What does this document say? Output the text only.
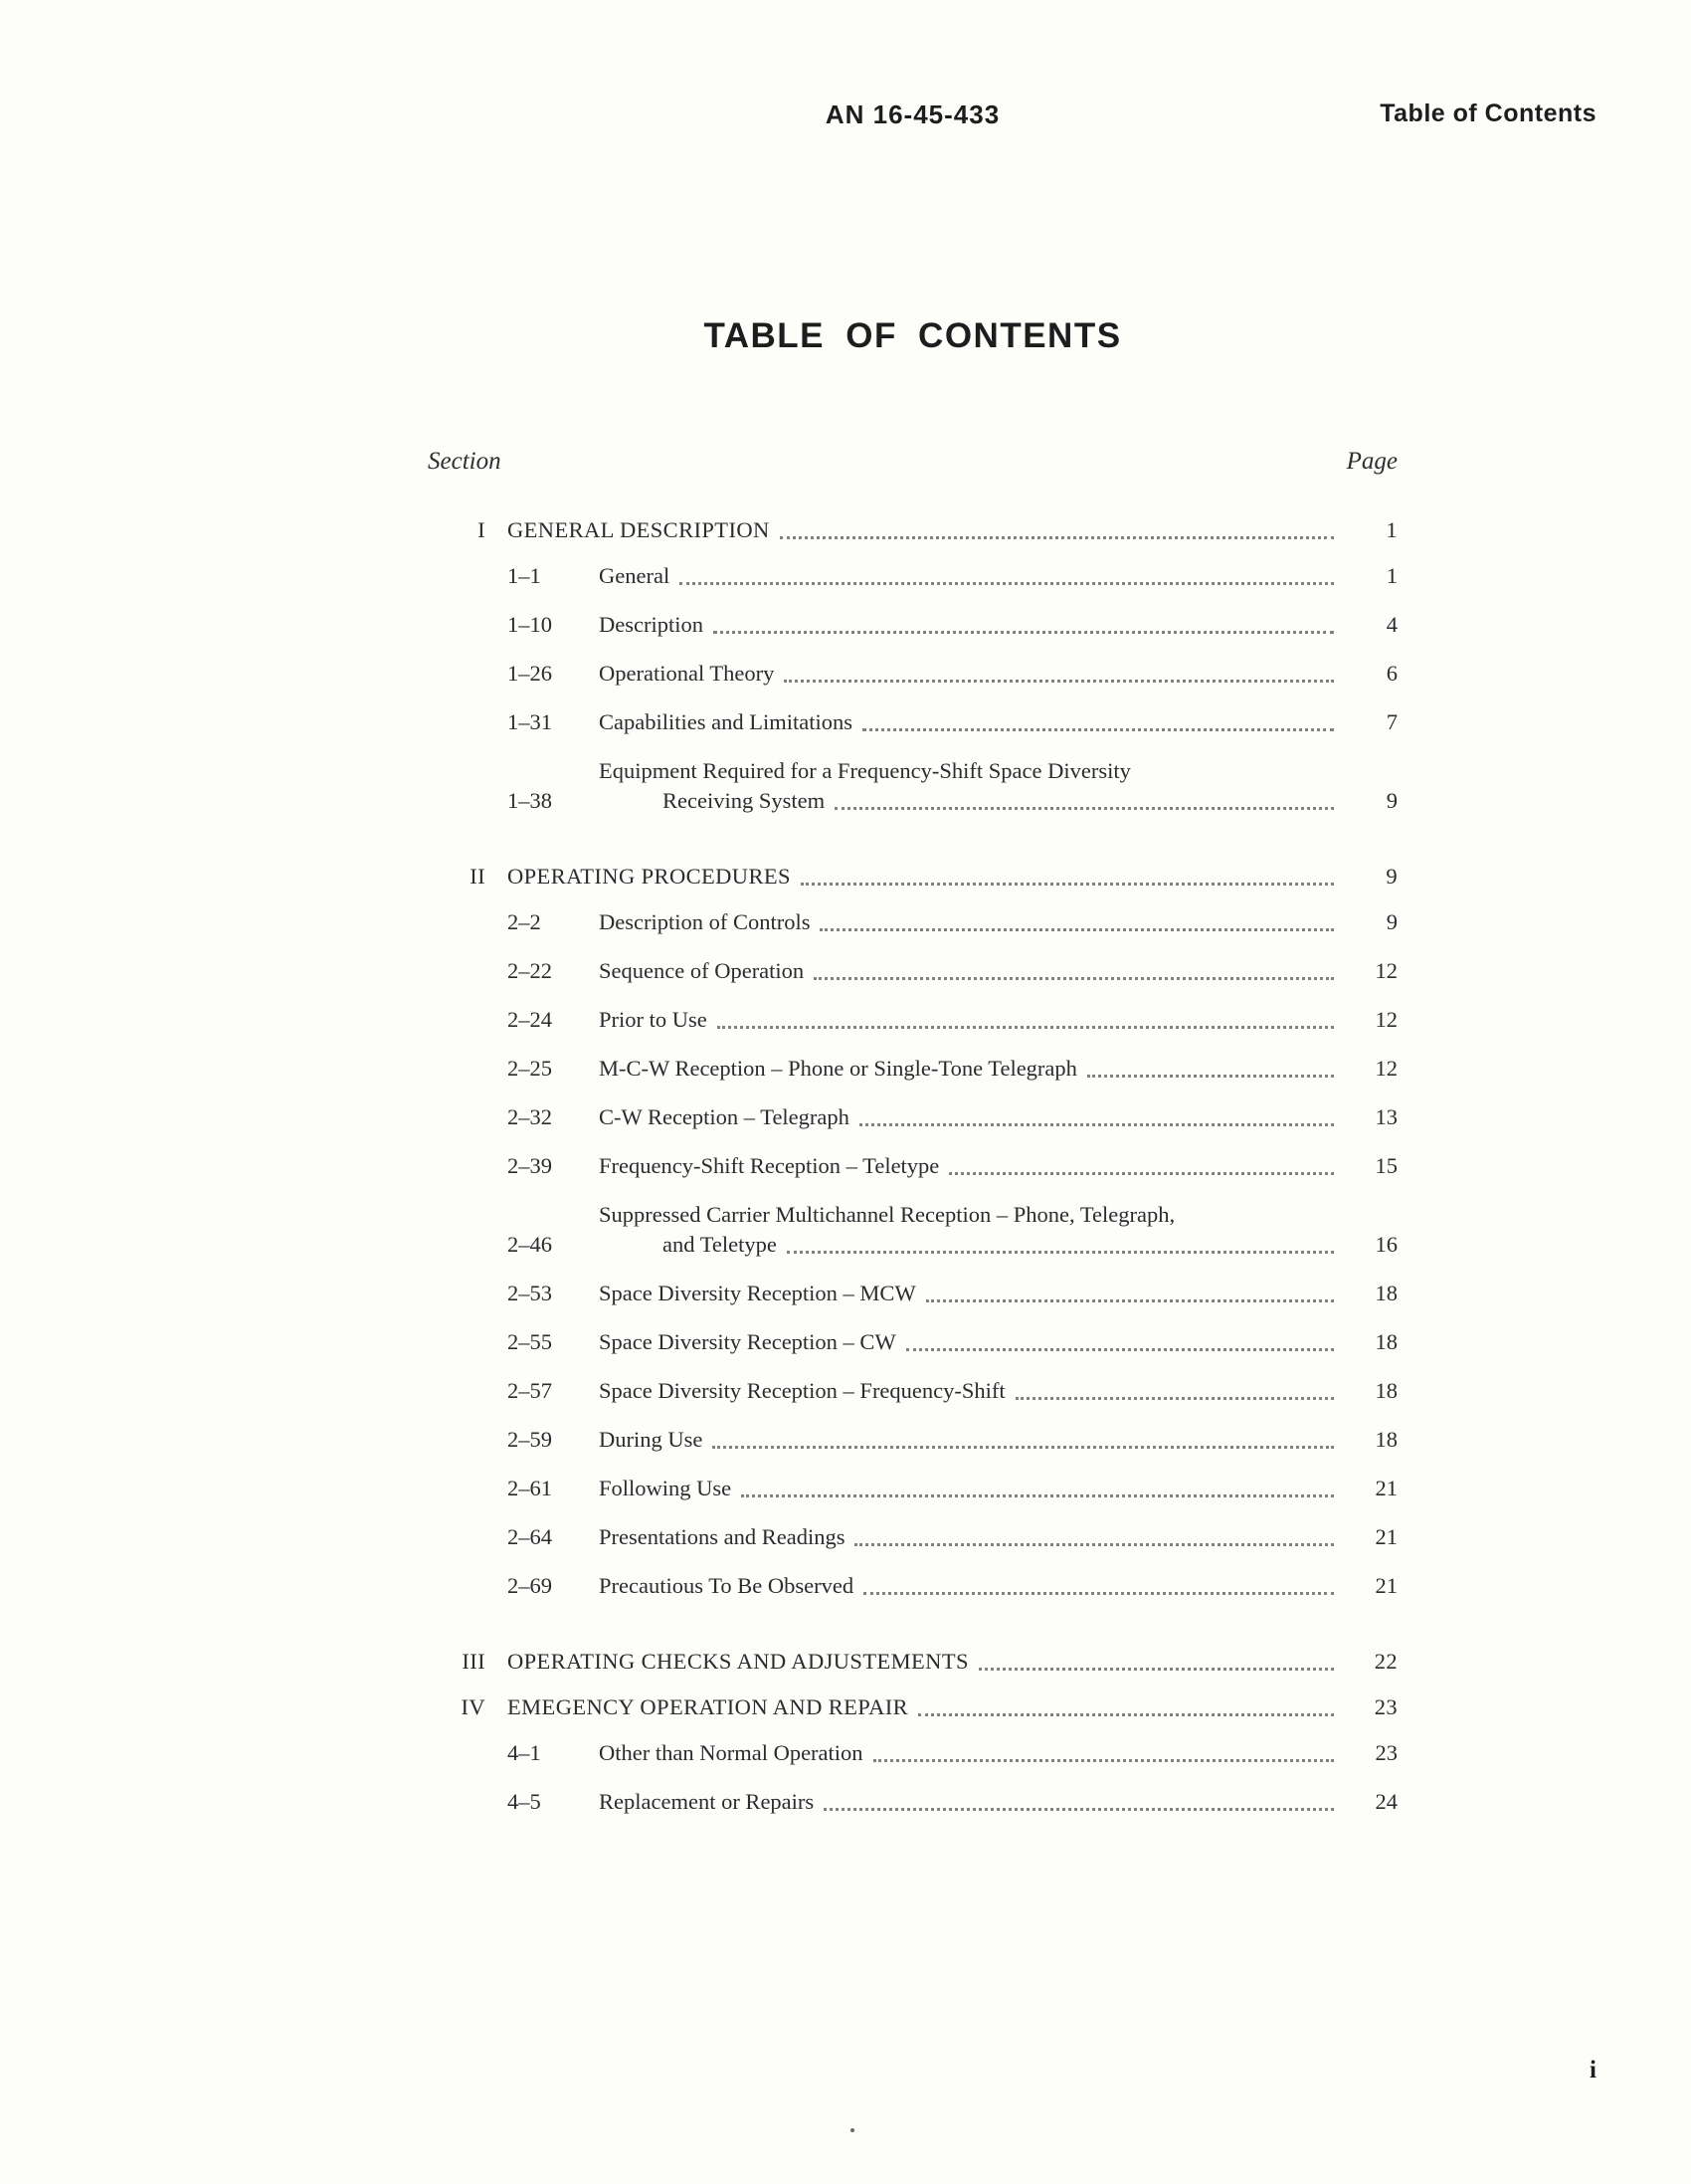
AN 16-45-433	Table of Contents
TABLE OF CONTENTS
Section	Page
I GENERAL DESCRIPTION	1
1–1	General	1
1–10	Description	4
1–26	Operational Theory	6
1–31	Capabilities and Limitations	7
1–38
Equipment Required for a Frequency-Shift Space Diversity
Receiving System	9
II OPERATING PROCEDURES	9
2–2	Description of Controls	9
2–22	Sequence of Operation	12
2–24	Prior to Use	12
2–25	M-C-W Reception – Phone or Single-Tone Telegraph	12
2–32	C-W Reception – Telegraph	13
2–39	Frequency-Shift Reception – Teletype	15
2–46
Suppressed Carrier Multichannel Reception – Phone, Telegraph,
and Teletype	16
2–53	Space Diversity Reception – MCW	18
2–55	Space Diversity Reception – CW	18
2–57	Space Diversity Reception – Frequency-Shift	18
2–59	During Use	18
2–61	Following Use	21
2–64	Presentations and Readings	21
2–69	Precautious To Be Observed	21
III OPERATING CHECKS AND ADJUSTEMENTS	22
IV EMEGENCY OPERATION AND REPAIR	23
4–1	Other than Normal Operation	23
4–5	Replacement or Repairs	24
i
